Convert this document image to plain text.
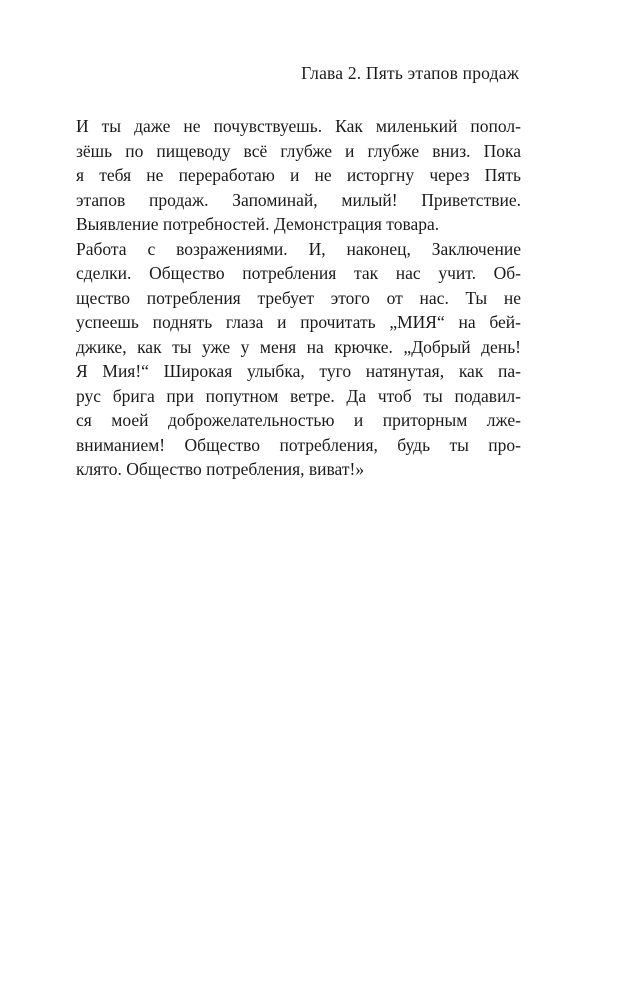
Глава 2. Пять этапов продаж
И ты даже не почувствуешь. Как миленький попол-
зёшь по пищеводу всё глубже и глубже вниз. Пока
я тебя не переработаю и не исторгну через Пять
этапов продаж. Запоминай, милый! Приветствие.
Выявление потребностей. Демонстрация товара.
Работа с возражениями. И, наконец, Заключение
сделки. Общество потребления так нас учит. Об-
щество потребления требует этого от нас. Ты не
успеешь поднять глаза и прочитать „МИЯ“ на бей-
джике, как ты уже у меня на крючке. „Добрый день!
Я Мия!“ Широкая улыбка, туго натянутая, как па-
рус брига при попутном ветре. Да чтоб ты подавил-
ся моей доброжелательностью и приторным лже-
вниманием! Общество потребления, будь ты про-
клято. Общество потребления, виват!»
